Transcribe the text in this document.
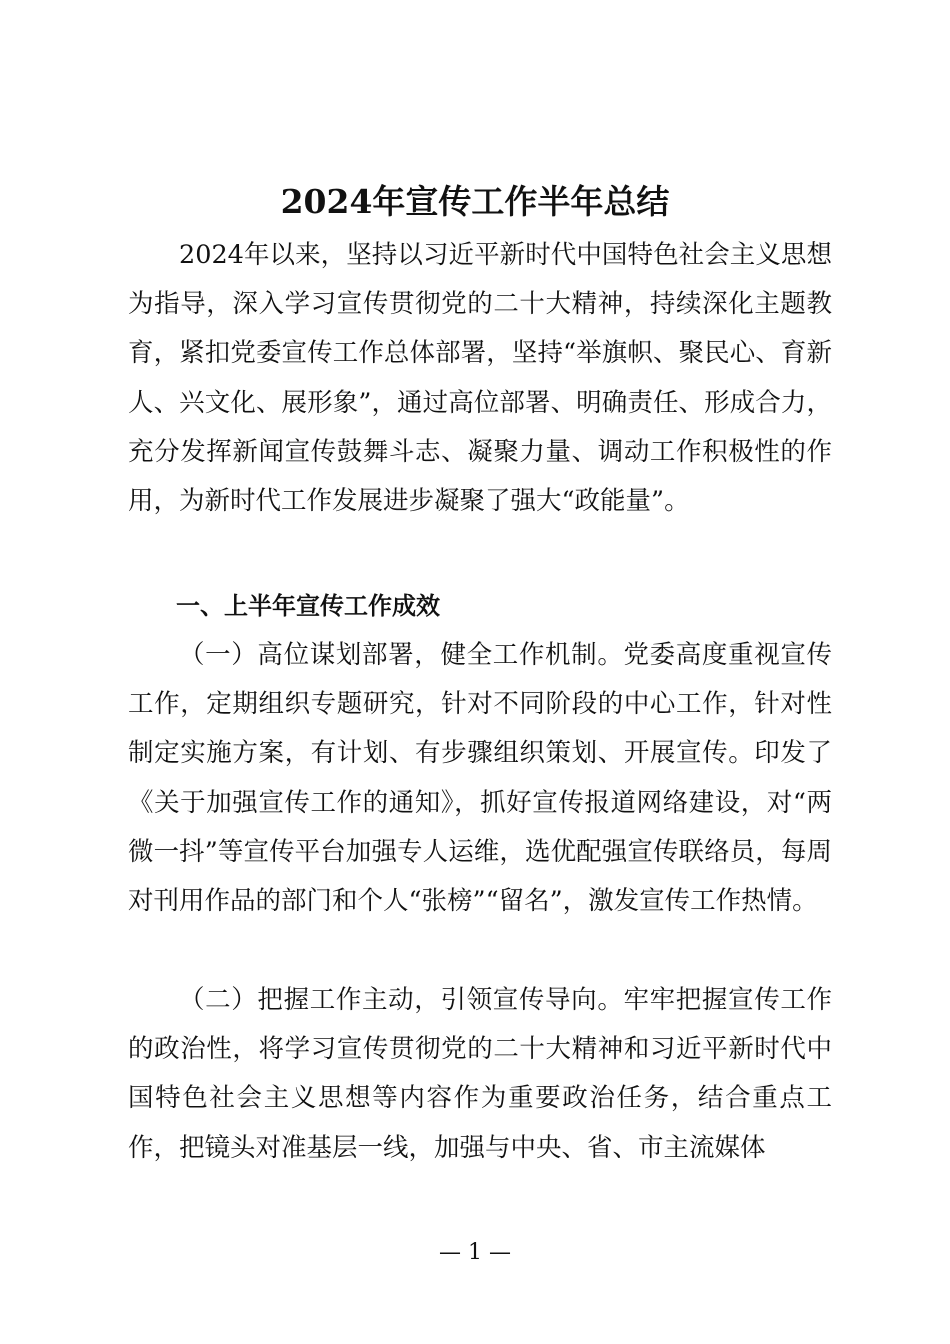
2024年宣传工作半年总结

2024年以来，坚持以习近平新时代中国特色社会主义思想为指导，深入学习宣传贯彻党的二十大精神，持续深化主题教育，紧扣党委宣传工作总体部署，坚持“举旗帜、聚民心、育新人、兴文化、展形象”，通过高位部署、明确责任、形成合力，充分发挥新闻宣传鼓舞斗志、凝聚力量、调动工作积极性的作用，为新时代工作发展进步凝聚了强大“政能量”。

一、上半年宣传工作成效

（一）高位谋划部署，健全工作机制。党委高度重视宣传工作，定期组织专题研究，针对不同阶段的中心工作，针对性制定实施方案，有计划、有步骤组织策划、开展宣传。印发了《关于加强宣传工作的通知》，抓好宣传报道网络建设，对“两微一抖”等宣传平台加强专人运维，选优配强宣传联络员，每周对刊用作品的部门和个人“张榜”“留名”，激发宣传工作热情。

（二）把握工作主动，引领宣传导向。牢牢把握宣传工作的政治性，将学习宣传贯彻党的二十大精神和习近平新时代中国特色社会主义思想等内容作为重要政治任务，结合重点工作，把镜头对准基层一线，加强与中央、省、市主流媒体

— 1 —
